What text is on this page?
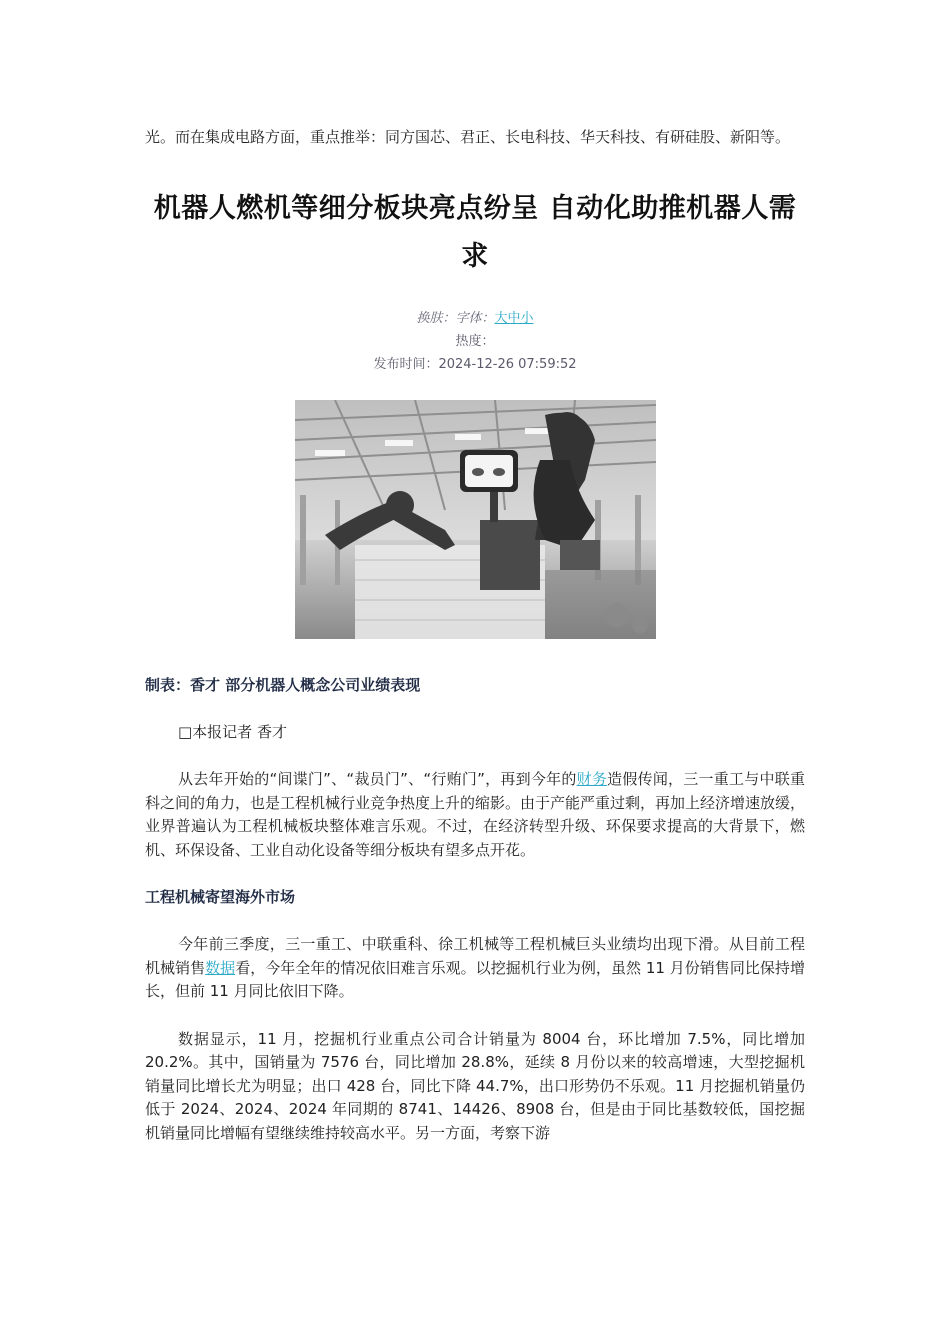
光。而在集成电路方面，重点推举：同方国芯、君正、长电科技、华天科技、有研硅股、新阳等。

机器人燃机等细分板块亮点纷呈 自动化助推机器人需求
换肤：字体：大中小
热度：
发布时间：2024-12-26 07:59:52

制表：香才 部分机器人概念公司业绩表现

□本报记者 香才

从去年开始的“间谍门”、“裁员门”、“行贿门”，再到今年的财务造假传闻，三一重工与中联重科之间的角力，也是工程机械行业竞争热度上升的缩影。由于产能严重过剩，再加上经济增速放缓，业界普遍认为工程机械板块整体难言乐观。不过，在经济转型升级、环保要求提高的大背景下，燃机、环保设备、工业自动化设备等细分板块有望多点开花。

工程机械寄望海外市场

今年前三季度，三一重工、中联重科、徐工机械等工程机械巨头业绩均出现下滑。从目前工程机械销售数据看，今年全年的情况依旧难言乐观。以挖掘机行业为例，虽然 11 月份销售同比保持增长，但前 11 月同比依旧下降。

数据显示，11 月，挖掘机行业重点公司合计销量为 8004 台，环比增加 7.5%，同比增加 20.2%。其中，国销量为 7576 台，同比增加 28.8%，延续 8 月份以来的较高增速，大型挖掘机销量同比增长尤为明显；出口 428 台，同比下降 44.7%，出口形势仍不乐观。11 月挖掘机销量仍低于 2024、2024、2024 年同期的 8741、14426、8908 台，但是由于同比基数较低，国挖掘机销量同比增幅有望继续维持较高水平。另一方面，考察下游
